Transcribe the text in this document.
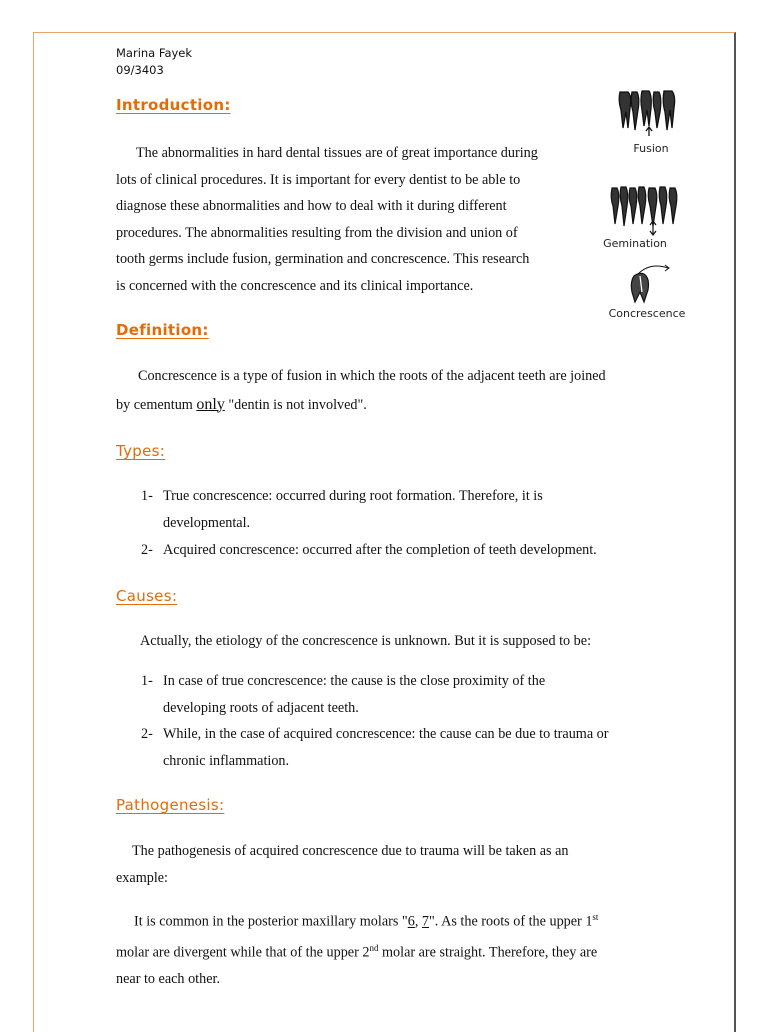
Marina Fayek
09/3403
Introduction:
The abnormalities in hard dental tissues are of great importance during
lots of clinical procedures. It is important for every dentist to be able to
diagnose these abnormalities and how to deal with it during different
procedures. The abnormalities resulting from the division and union of
tooth germs include fusion, germination and concrescence. This research
is concerned with the concrescence and its clinical importance.
Fusion
Gemination
Concrescence
Definition:
Concrescence is a type of fusion in which the roots of the adjacent teeth are joined
by cementum only "dentin is not involved".
Types:
1- True concrescence: occurred during root formation. Therefore, it is
developmental.
2- Acquired concrescence: occurred after the completion of teeth development.
Causes:
Actually, the etiology of the concrescence is unknown. But it is supposed to be:
1- In case of true concrescence: the cause is the close proximity of the
developing roots of adjacent teeth.
2- While, in the case of acquired concrescence: the cause can be due to trauma or
chronic inflammation.
Pathogenesis:
The pathogenesis of acquired concrescence due to trauma will be taken as an
example:
It is common in the posterior maxillary molars "6, 7". As the roots of the upper 1st
molar are divergent while that of the upper 2nd molar are straight. Therefore, they are
near to each other.
